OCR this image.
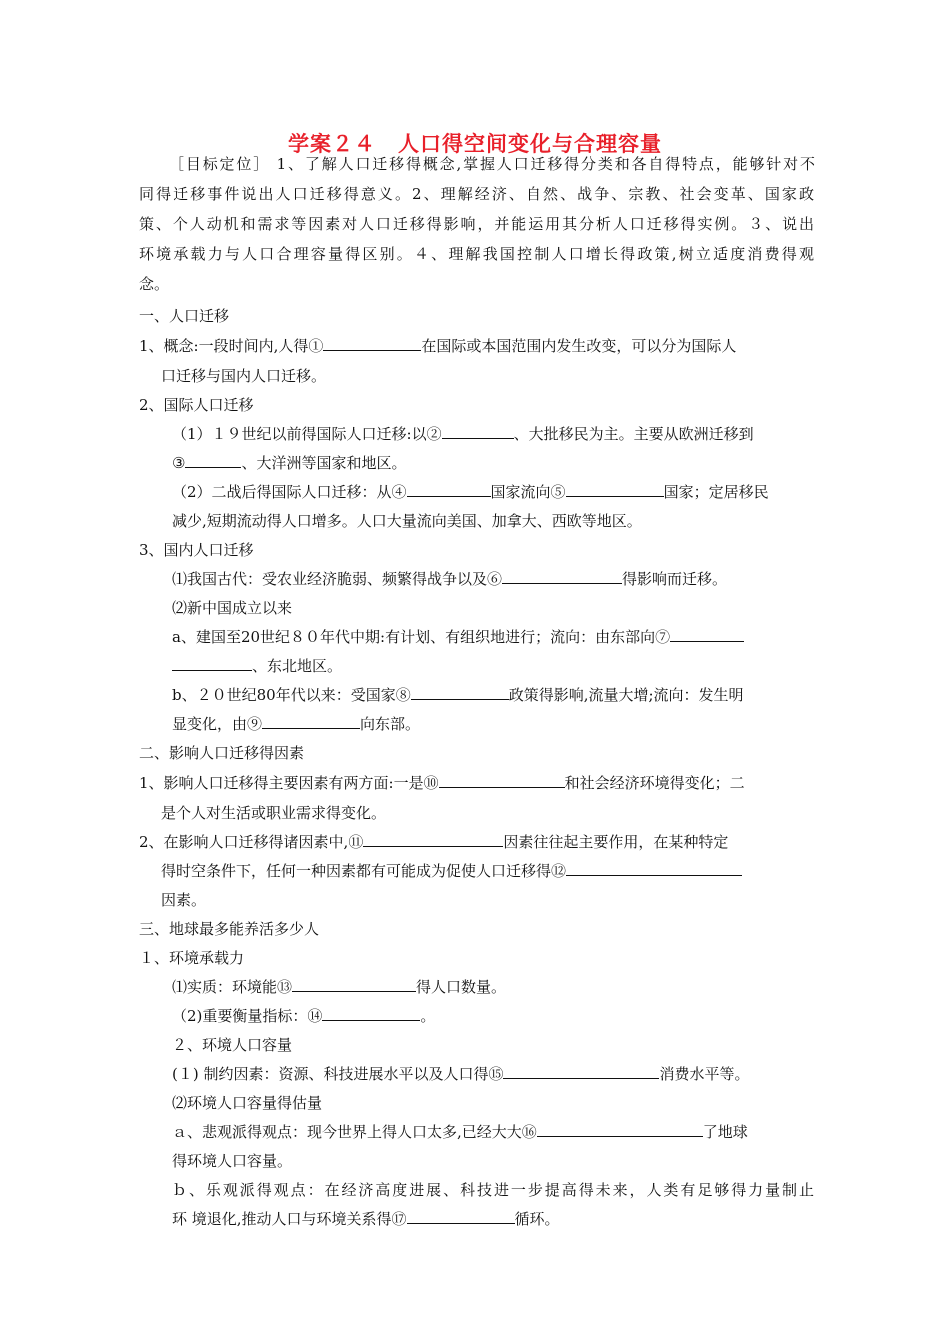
学案２４　人口得空间变化与合理容量
［目标定位］ 1、了解人口迁移得概念,掌握人口迁移得分类和各自得特点，能够针对不
同得迁移事件说出人口迁移得意义。2、理解经济、自然、战争、宗教、社会变革、国家政
策、个人动机和需求等因素对人口迁移得影响，并能运用其分析人口迁移得实例。３、说出
环境承载力与人口合理容量得区别。４、理解我国控制人口增长得政策,树立适度消费得观
念。
一、人口迁移
1、概念:一段时间内,人得①	在国际或本国范围内发生改变，可以分为国际人
口迁移与国内人口迁移。
2、国际人口迁移
（1）１９世纪以前得国际人口迁移:以②	、大批移民为主。主要从欧洲迁移到
③	、大洋洲等国家和地区。
（2）二战后得国际人口迁移：从④	国家流向⑤	国家；定居移民
减少,短期流动得人口增多。人口大量流向美国、加拿大、西欧等地区。
3、国内人口迁移
⑴我国古代：受农业经济脆弱、频繁得战争以及⑥	得影响而迁移。
⑵新中国成立以来
a、建国至20世纪８０年代中期:有计划、有组织地进行；流向：由东部向⑦
、东北地区。
b、２０世纪80年代以来：受国家⑧	政策得影响,流量大增;流向：发生明
显变化，由⑨	向东部。
二、影响人口迁移得因素
1、影响人口迁移得主要因素有两方面:一是⑩	和社会经济环境得变化；二
是个人对生活或职业需求得变化。
2、在影响人口迁移得诸因素中,⑪	因素往往起主要作用，在某种特定
得时空条件下，任何一种因素都有可能成为促使人口迁移得⑫
因素。
三、地球最多能养活多少人
１、环境承载力
⑴实质：环境能⑬	得人口数量。
（2)重要衡量指标：⑭	。
２、环境人口容量
(１) 制约因素：资源、科技进展水平以及人口得⑮	消费水平等。
⑵环境人口容量得估量
ａ、悲观派得观点：现今世界上得人口太多,已经大大⑯	了地球
得环境人口容量。
ｂ、乐观派得观点：在经济高度进展、科技进一步提高得未来，人类有足够得力量制止
环 境退化,推动人口与环境关系得⑰	循环。
